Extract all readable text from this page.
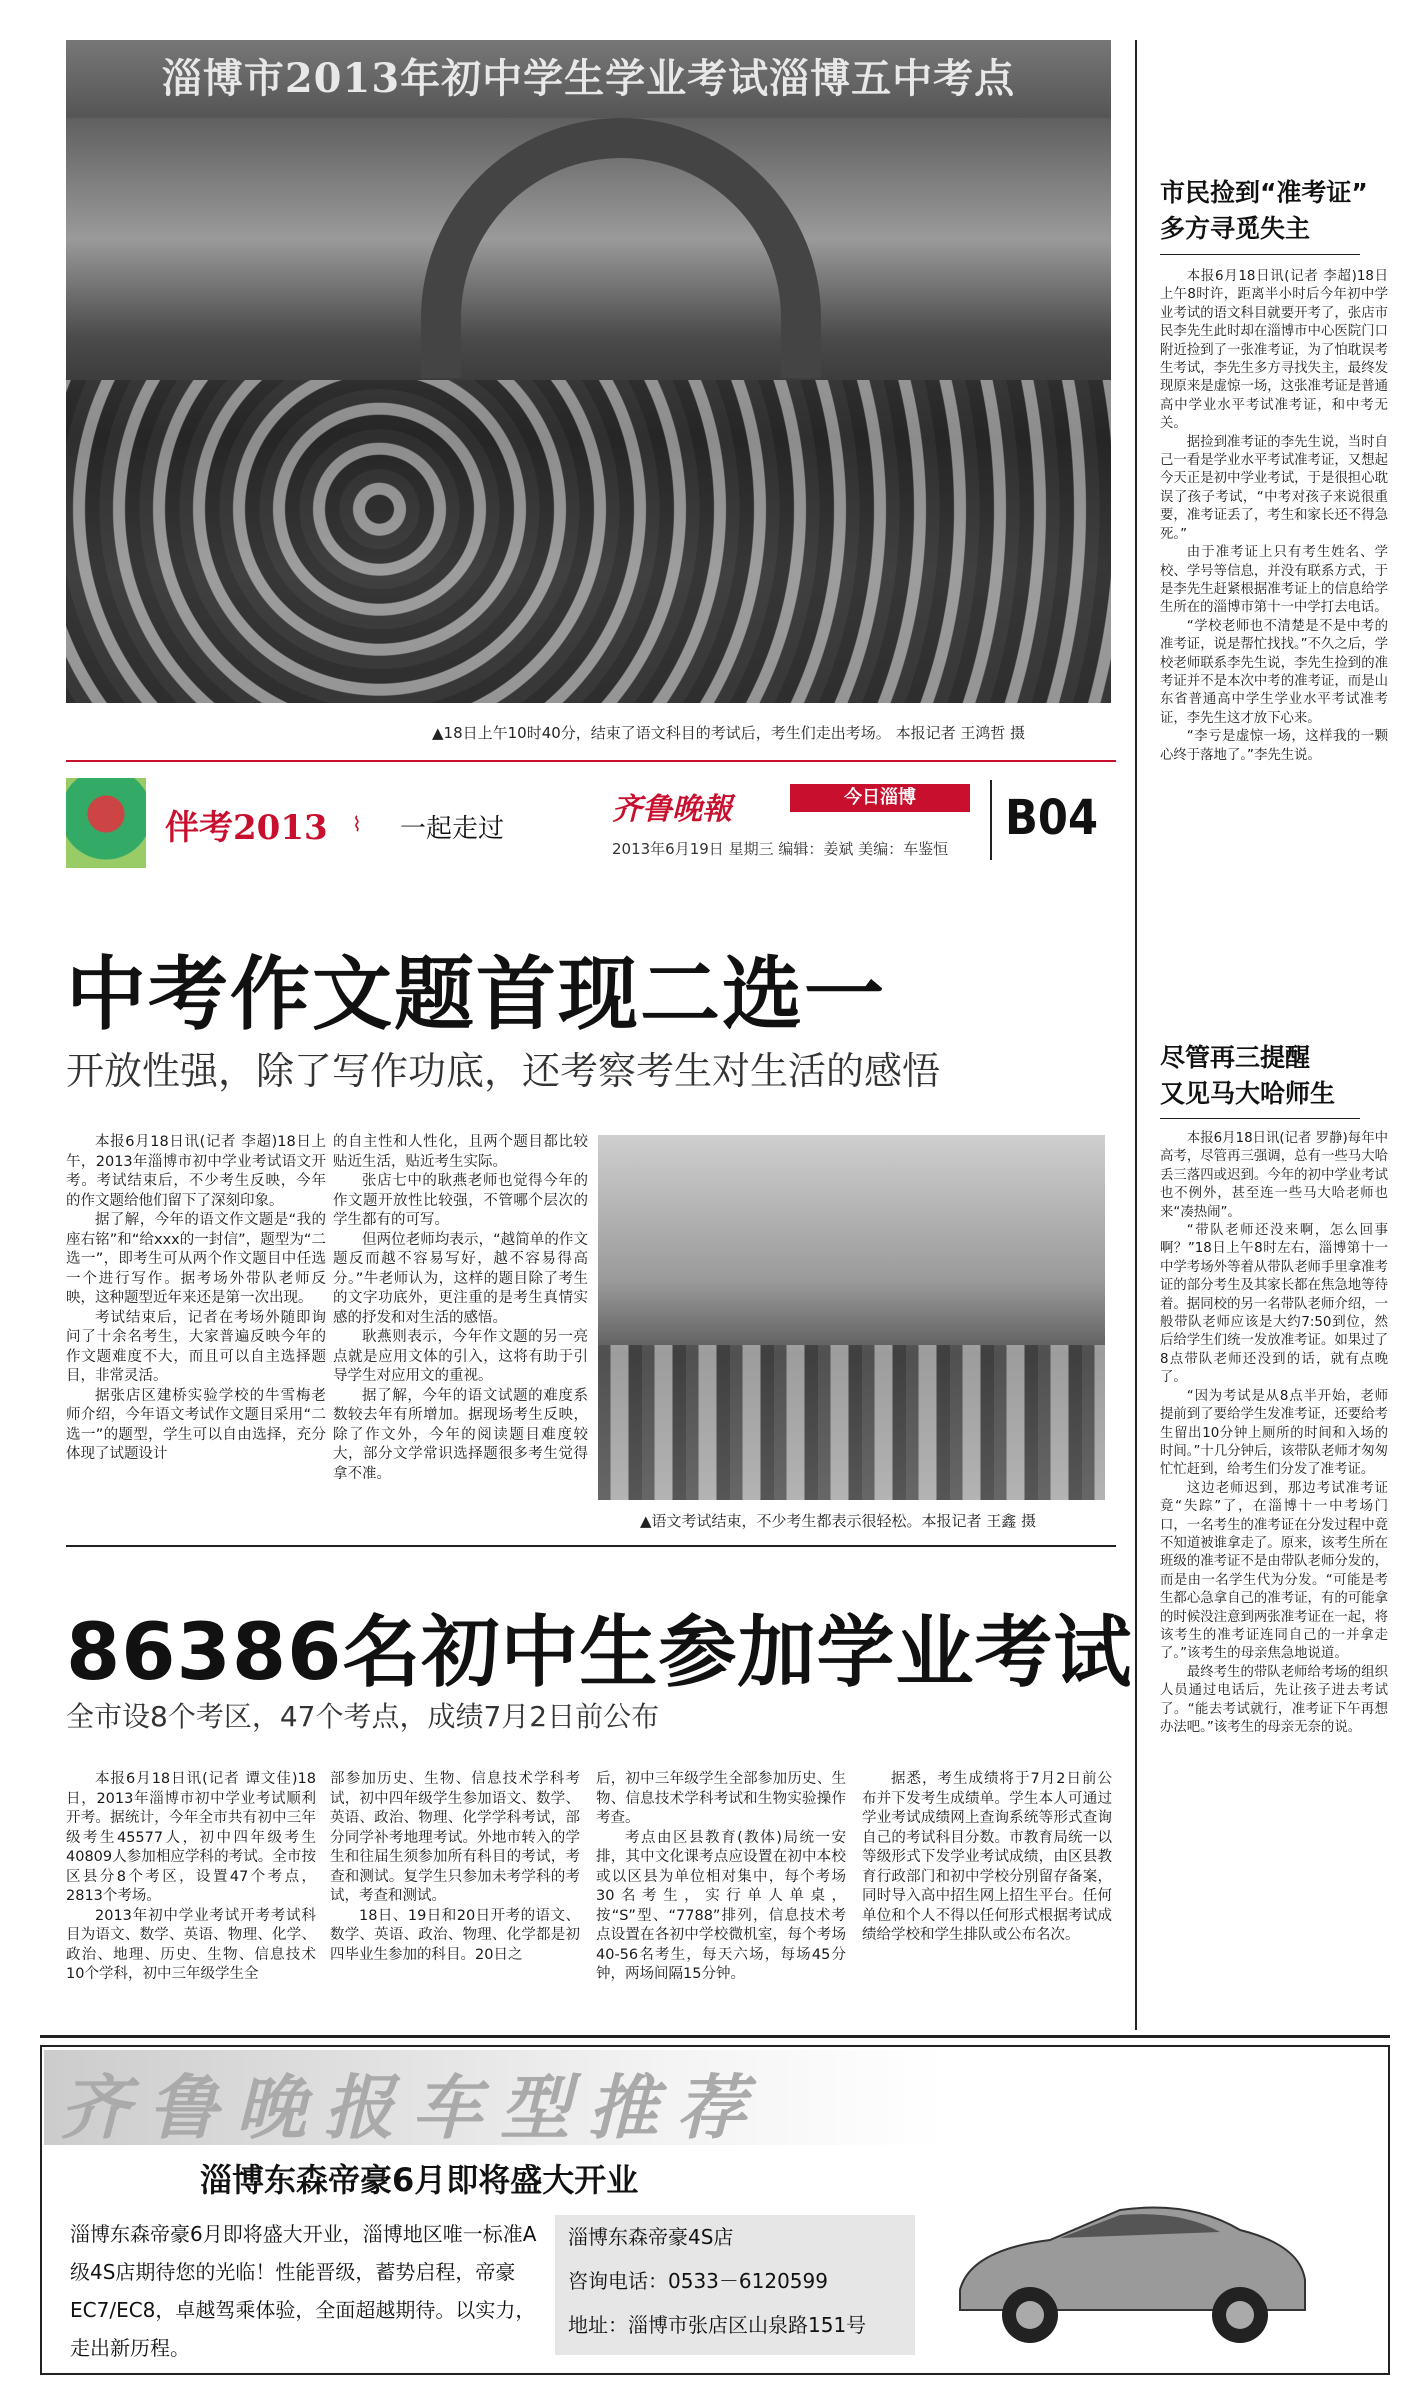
淄博市2013年初中学生学业考试淄博五中考点
▲18日上午10时40分，结束了语文科目的考试后，考生们走出考场。 本报记者 王鸿哲 摄
伴考2013 ⌇ 一起走过
齐鲁晚報	今日淄博
2013年6月19日 星期三 编辑：姜斌 美编：车鉴恒
B04
中考作文题首现二选一
开放性强，除了写作功底，还考察考生对生活的感悟

本报6月18日讯(记者 李超)18日上午，2013年淄博市初中学业考试语文开考。考试结束后，不少考生反映，今年的作文题给他们留下了深刻印象。

据了解，今年的语文作文题是“我的座右铭”和“给xxx的一封信”，题型为“二选一”，即考生可从两个作文题目中任选一个进行写作。据考场外带队老师反映，这种题型近年来还是第一次出现。

考试结束后，记者在考场外随即询问了十余名考生，大家普遍反映今年的作文题难度不大，而且可以自主选择题目，非常灵活。

据张店区建桥实验学校的牛雪梅老师介绍，今年语文考试作文题目采用“二选一”的题型，学生可以自由选择，充分体现了试题设计

的自主性和人性化，且两个题目都比较贴近生活，贴近考生实际。

张店七中的耿燕老师也觉得今年的作文题开放性比较强，不管哪个层次的学生都有的可写。

但两位老师均表示，“越简单的作文题反而越不容易写好，越不容易得高分。”牛老师认为，这样的题目除了考生的文字功底外，更注重的是考生真情实感的抒发和对生活的感悟。

耿燕则表示，今年作文题的另一亮点就是应用文体的引入，这将有助于引导学生对应用文的重视。

据了解，今年的语文试题的难度系数较去年有所增加。据现场考生反映，除了作文外，今年的阅读题目难度较大，部分文学常识选择题很多考生觉得拿不准。

▲语文考试结束，不少考生都表示很轻松。本报记者 王鑫 摄
86386名初中生参加学业考试
全市设8个考区，47个考点，成绩7月2日前公布

本报6月18日讯(记者 谭文佳)18日，2013年淄博市初中学业考试顺利开考。据统计，今年全市共有初中三年级考生45577人，初中四年级考生40809人参加相应学科的考试。全市按区县分8个考区，设置47个考点，2813个考场。

2013年初中学业考试开考考试科目为语文、数学、英语、物理、化学、政治、地理、历史、生物、信息技术10个学科，初中三年级学生全

部参加历史、生物、信息技术学科考试，初中四年级学生参加语文、数学、英语、政治、物理、化学学科考试，部分同学补考地理考试。外地市转入的学生和往届生须参加所有科目的考试，考查和测试。复学生只参加未考学科的考试，考查和测试。

18日、19日和20日开考的语文、数学、英语、政治、物理、化学都是初四毕业生参加的科目。20日之

后，初中三年级学生全部参加历史、生物、信息技术学科考试和生物实验操作考查。

考点由区县教育(教体)局统一安排，其中文化课考点应设置在初中本校或以区县为单位相对集中，每个考场30名考生，实行单人单桌，按“S”型、“7788”排列，信息技术考点设置在各初中学校微机室，每个考场40-56名考生，每天六场，每场45分钟，两场间隔15分钟。

据悉，考生成绩将于7月2日前公布并下发考生成绩单。学生本人可通过学业考试成绩网上查询系统等形式查询自己的考试科目分数。市教育局统一以等级形式下发学业考试成绩，由区县教育行政部门和初中学校分别留存备案，同时导入高中招生网上招生平台。任何单位和个人不得以任何形式根据考试成绩给学校和学生排队或公布名次。

市民捡到“准考证”
多方寻觅失主

本报6月18日讯(记者 李超)18日上午8时许，距离半小时后今年初中学业考试的语文科目就要开考了，张店市民李先生此时却在淄博市中心医院门口附近捡到了一张准考证，为了怕耽误考生考试，李先生多方寻找失主，最终发现原来是虚惊一场，这张准考证是普通高中学业水平考试准考证，和中考无关。

据捡到准考证的李先生说，当时自己一看是学业水平考试准考证，又想起今天正是初中学业考试，于是很担心耽误了孩子考试，“中考对孩子来说很重要，准考证丢了，考生和家长还不得急死。”

由于准考证上只有考生姓名、学校、学号等信息，并没有联系方式，于是李先生赶紧根据准考证上的信息给学生所在的淄博市第十一中学打去电话。

“学校老师也不清楚是不是中考的准考证，说是帮忙找找。”不久之后，学校老师联系李先生说，李先生捡到的准考证并不是本次中考的准考证，而是山东省普通高中学生学业水平考试准考证，李先生这才放下心来。

“李亏是虚惊一场，这样我的一颗心终于落地了。”李先生说。

尽管再三提醒
又见马大哈师生

本报6月18日讯(记者 罗静)每年中高考，尽管再三强调，总有一些马大哈丢三落四或迟到。今年的初中学业考试也不例外，甚至连一些马大哈老师也来“凑热闹”。

“带队老师还没来啊，怎么回事啊？”18日上午8时左右，淄博第十一中学考场外等着从带队老师手里拿准考证的部分考生及其家长都在焦急地等待着。据同校的另一名带队老师介绍，一般带队老师应该是大约7:50到位，然后给学生们统一发放准考证。如果过了8点带队老师还没到的话，就有点晚了。

“因为考试是从8点半开始，老师提前到了要给学生发准考证，还要给考生留出10分钟上厕所的时间和入场的时间。”十几分钟后，该带队老师才匆匆忙忙赶到，给考生们分发了准考证。

这边老师迟到，那边考试准考证竟“失踪”了，在淄博十一中考场门口，一名考生的准考证在分发过程中竟不知道被谁拿走了。原来，该考生所在班级的准考证不是由带队老师分发的，而是由一名学生代为分发。“可能是考生都心急拿自己的准考证，有的可能拿的时候没注意到两张准考证在一起，将该考生的准考证连同自己的一并拿走了。”该考生的母亲焦急地说道。

最终考生的带队老师给考场的组织人员通过电话后，先让孩子进去考试了。“能去考试就行，准考证下午再想办法吧。”该考生的母亲无奈的说。

齐鲁晚报车型推荐
淄博东森帝豪6月即将盛大开业
淄博东森帝豪6月即将盛大开业，淄博地区唯一标准A级4S店期待您的光临！性能晋级，蓄势启程，帝豪EC7/EC8，卓越驾乘体验，全面超越期待。以实力，走出新历程。
淄博东森帝豪4S店
咨询电话：0533－6120599
地址：淄博市张店区山泉路151号
